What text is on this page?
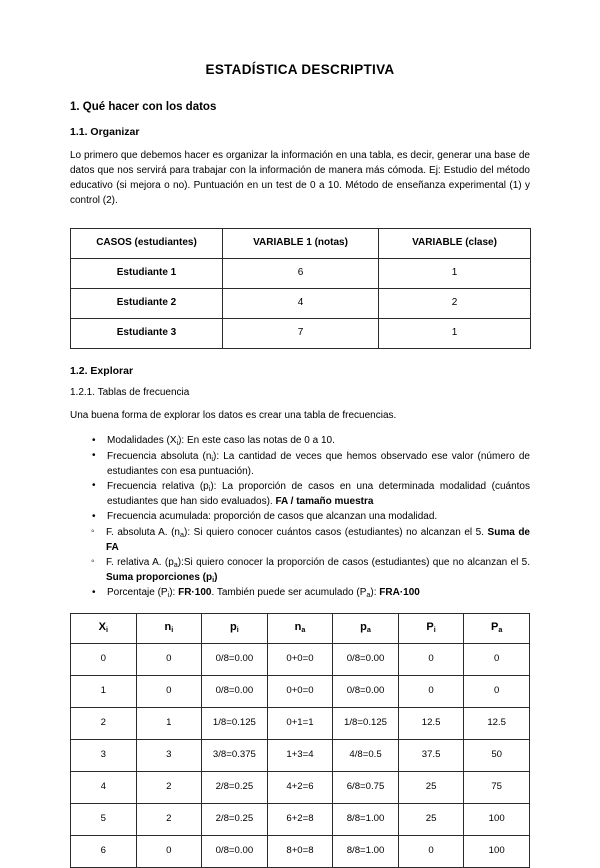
ESTADÍSTICA DESCRIPTIVA
1. Qué hacer con los datos
1.1. Organizar

Lo primero que debemos hacer es organizar la información en una tabla, es decir, generar una base de datos que nos servirá para trabajar con la información de manera más cómoda. Ej: Estudio del método educativo (si mejora o no). Puntuación en un test de 0 a 10. Método de enseñanza experimental (1) y control (2).

CASOS (estudiantes)	VARIABLE 1 (notas)	VARIABLE (clase)
Estudiante 1	6	1
Estudiante 2	4	2
Estudiante 3	7	1
1.2. Explorar
1.2.1. Tablas de frecuencia

Una buena forma de explorar los datos es crear una tabla de frecuencias.

• Modalidades $(X_i)$: En este caso las notas de 0 a 10.
• Frecuencia absoluta $(n_i)$: La cantidad de veces que hemos observado ese valor (número de estudiantes con esa puntuación).
• Frecuencia relativa $(p_i)$: La proporción de casos en una determinada modalidad (cuántos estudiantes que han sido evaluados). FA / tamaño muestra
• Frecuencia acumulada: proporción de casos que alcanzan una modalidad.
◦ F. absoluta A. $(n_a)$: Si quiero conocer cuántos casos (estudiantes) no alcanzan el 5. Suma de FA
◦ F. relativa A. $(p_a):Si$ quiero conocer la proporción de casos (estudiantes) que no alcanzan el 5. Suma proporciones $(p_i)$
• Porcentaje $(P_i)$: FR·100. También puede ser acumulado $(P_a)$: FRA·100
$X_i$	$n_i$	$p_i$	$n_a$	$p_a$	$P_i$	$P_a$
0	0	0/8=0.00	0+0=0	0/8=0.00	0	0
1	0	0/8=0.00	0+0=0	0/8=0.00	0	0
2	1	1/8=0.125	0+1=1	1/8=0.125	12.5	12.5
3	3	3/8=0.375	1+3=4	4/8=0.5	37.5	50
4	2	2/8=0.25	4+2=6	6/8=0.75	25	75
5	2	2/8=0.25	6+2=8	8/8=1.00	25	100
6	0	0/8=0.00	8+0=8	8/8=1.00	0	100
